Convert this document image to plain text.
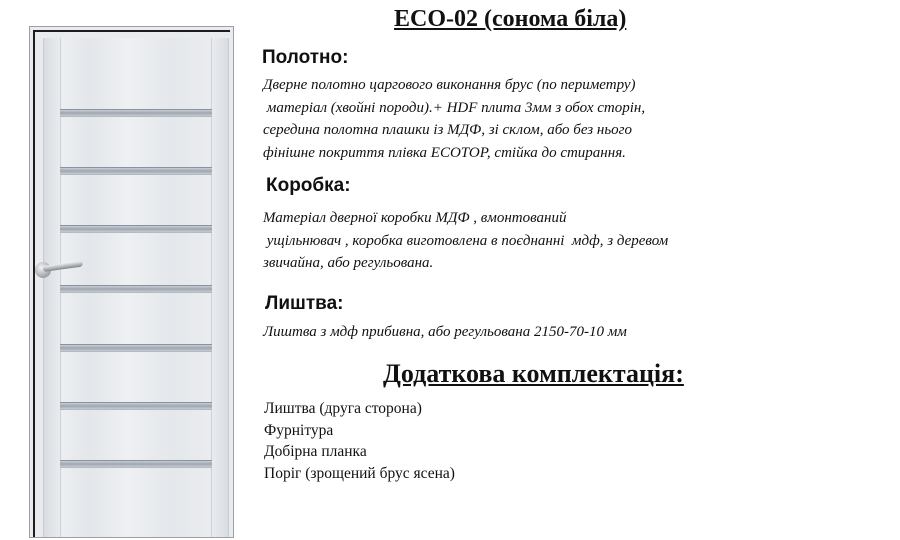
ECO-02 (сонома біла)
Полотно:

Дверне полотно царгового виконання брус (по периметру)
матеріал (хвойні породи).+ HDF плита 3мм з обох сторін,
середина полотна плашки із МДФ, зі склом, або без нього
фінішне покриття плівка ECOTOP, стійка до стирання.

Коробка:

Матеріал дверної коробки МДФ , вмонтований
ущільнювач , коробка виготовлена в поєднанні  мдф, з деревом
звичайна, або регульована.

Лиштва:

Лиштва з мдф прибивна, або регульована 2150-70-10 мм

Додаткова комплектація:
Лиштва (друга сторона)
Фурнітура
Добірна планка
Поріг (зрощений брус ясена)
